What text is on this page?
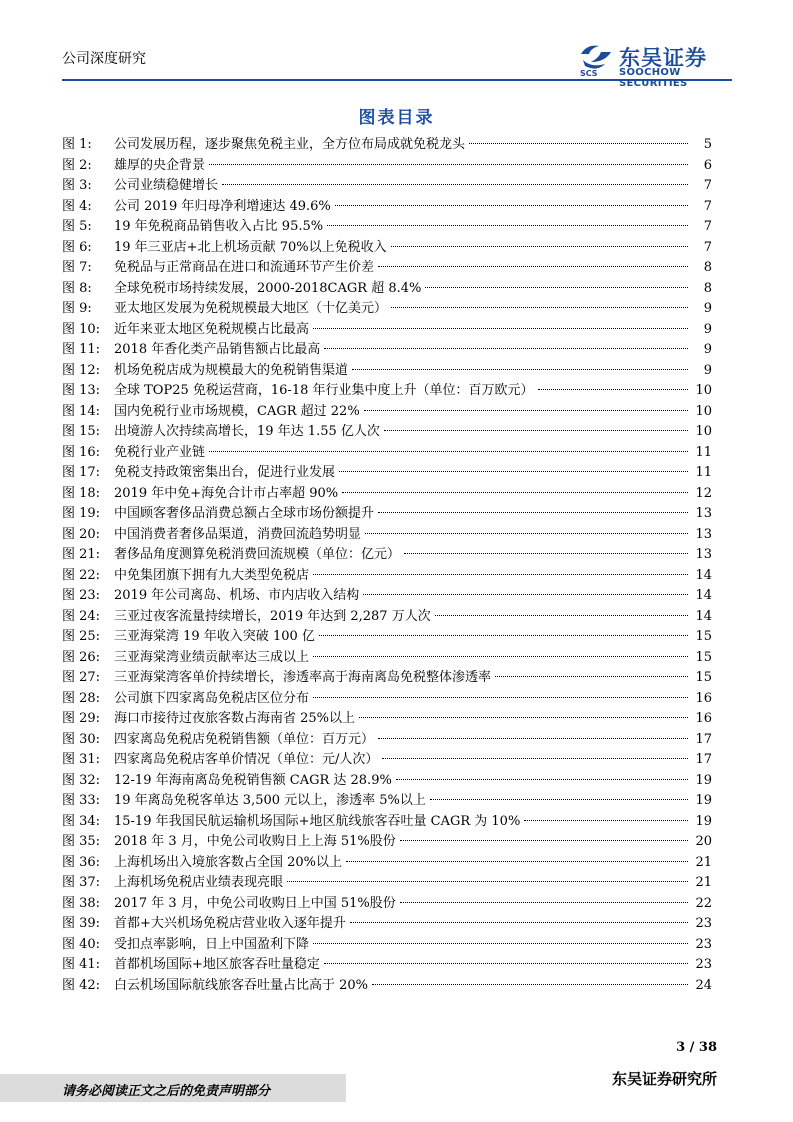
公司深度研究
SCS
东吴证券
SOOCHOW SECURITIES
图表目录
图 1:	公司发展历程，逐步聚焦免税主业，全方位布局成就免税龙头	5
图 2:	雄厚的央企背景	6
图 3:	公司业绩稳健增长	7
图 4:	公司 2019 年归母净利增速达 49.6%	7
图 5:	19 年免税商品销售收入占比 95.5%	7
图 6:	19 年三亚店+北上机场贡献 70%以上免税收入	7
图 7:	免税品与正常商品在进口和流通环节产生价差	8
图 8:	全球免税市场持续发展，2000-2018CAGR 超 8.4%	8
图 9:	亚太地区发展为免税规模最大地区（十亿美元）	9
图 10:	近年来亚太地区免税规模占比最高	9
图 11:	2018 年香化类产品销售额占比最高	9
图 12:	机场免税店成为规模最大的免税销售渠道	9
图 13:	全球 TOP25 免税运营商，16-18 年行业集中度上升（单位：百万欧元）	10
图 14:	国内免税行业市场规模，CAGR 超过 22%	10
图 15:	出境游人次持续高增长，19 年达 1.55 亿人次	10
图 16:	免税行业产业链	11
图 17:	免税支持政策密集出台，促进行业发展	11
图 18:	2019 年中免+海免合计市占率超 90%	12
图 19:	中国顾客奢侈品消费总额占全球市场份额提升	13
图 20:	中国消费者奢侈品渠道，消费回流趋势明显	13
图 21:	奢侈品角度测算免税消费回流规模（单位：亿元）	13
图 22:	中免集团旗下拥有九大类型免税店	14
图 23:	2019 年公司离岛、机场、市内店收入结构	14
图 24:	三亚过夜客流量持续增长，2019 年达到 2,287 万人次	14
图 25:	三亚海棠湾 19 年收入突破 100 亿	15
图 26:	三亚海棠湾业绩贡献率达三成以上	15
图 27:	三亚海棠湾客单价持续增长，渗透率高于海南离岛免税整体渗透率	15
图 28:	公司旗下四家离岛免税店区位分布	16
图 29:	海口市接待过夜旅客数占海南省 25%以上	16
图 30:	四家离岛免税店免税销售额（单位：百万元）	17
图 31:	四家离岛免税店客单价情况（单位：元/人次）	17
图 32:	12-19 年海南离岛免税销售额 CAGR 达 28.9%	19
图 33:	19 年离岛免税客单达 3,500 元以上，渗透率 5%以上	19
图 34:	15-19 年我国民航运输机场国际+地区航线旅客吞吐量 CAGR 为 10%	19
图 35:	2018 年 3 月，中免公司收购日上上海 51%股份	20
图 36:	上海机场出入境旅客数占全国 20%以上	21
图 37:	上海机场免税店业绩表现亮眼	21
图 38:	2017 年 3 月，中免公司收购日上中国 51%股份	22
图 39:	首都+大兴机场免税店营业收入逐年提升	23
图 40:	受扣点率影响，日上中国盈利下降	23
图 41:	首都机场国际+地区旅客吞吐量稳定	23
图 42:	白云机场国际航线旅客吞吐量占比高于 20%	24
3 / 38
请务必阅读正文之后的免责声明部分
东吴证券研究所
